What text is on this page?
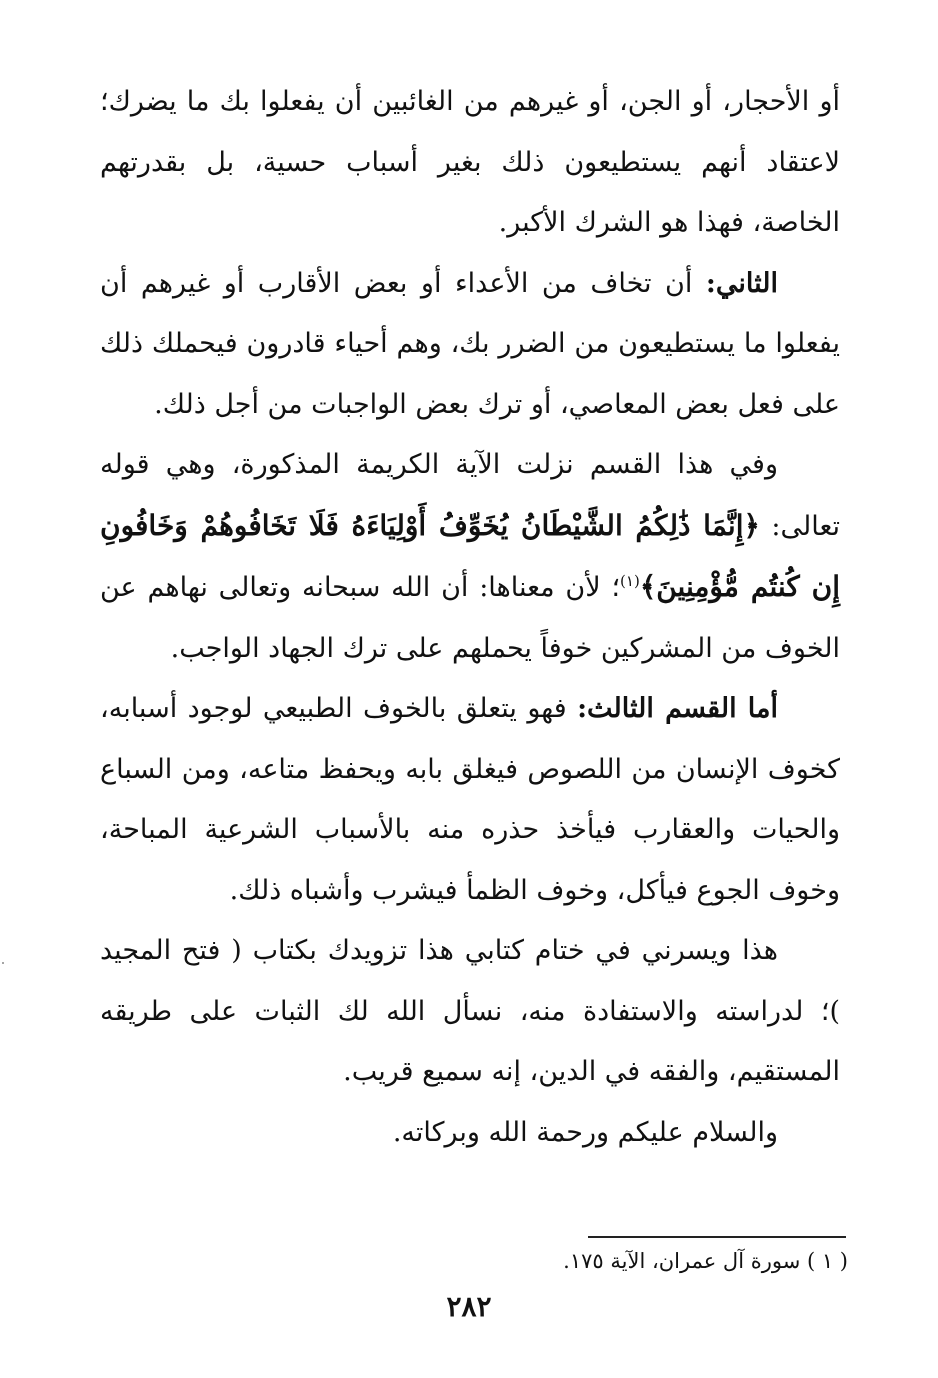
أو الأحجار، أو الجن، أو غيرهم من الغائبين أن يفعلوا بك ما يضرك؛ لاعتقاد أنهم يستطيعون ذلك بغير أسباب حسية، بل بقدرتهم الخاصة، فهذا هو الشرك الأكبر.

الثاني: أن تخاف من الأعداء أو بعض الأقارب أو غيرهم أن يفعلوا ما يستطيعون من الضرر بك، وهم أحياء قادرون فيحملك ذلك على فعل بعض المعاصي، أو ترك بعض الواجبات من أجل ذلك.

وفي هذا القسم نزلت الآية الكريمة المذكورة، وهي قوله تعالى: ﴿إِنَّمَا ذَٰلِكُمُ الشَّيْطَانُ يُخَوِّفُ أَوْلِيَاءَهُ فَلَا تَخَافُوهُمْ وَخَافُونِ إِن كُنتُم مُّؤْمِنِينَ﴾$^{(١)}$؛ لأن معناها: أن الله سبحانه وتعالى نهاهم عن الخوف من المشركين خوفاً يحملهم على ترك الجهاد الواجب.

أما القسم الثالث: فهو يتعلق بالخوف الطبيعي لوجود أسبابه، كخوف الإنسان من اللصوص فيغلق بابه ويحفظ متاعه، ومن السباع والحيات والعقارب فيأخذ حذره منه بالأسباب الشرعية المباحة، وخوف الجوع فيأكل، وخوف الظمأ فيشرب وأشباه ذلك.

هذا ويسرني في ختام كتابي هذا تزويدك بكتاب ( فتح المجيد )؛ لدراسته والاستفادة منه، نسأل الله لك الثبات على طريقه المستقيم، والفقه في الدين، إنه سميع قريب.

والسلام عليكم ورحمة الله وبركاته.

( ١ ) سورة آل عمران، الآية ١٧٥.
٢٨٢
